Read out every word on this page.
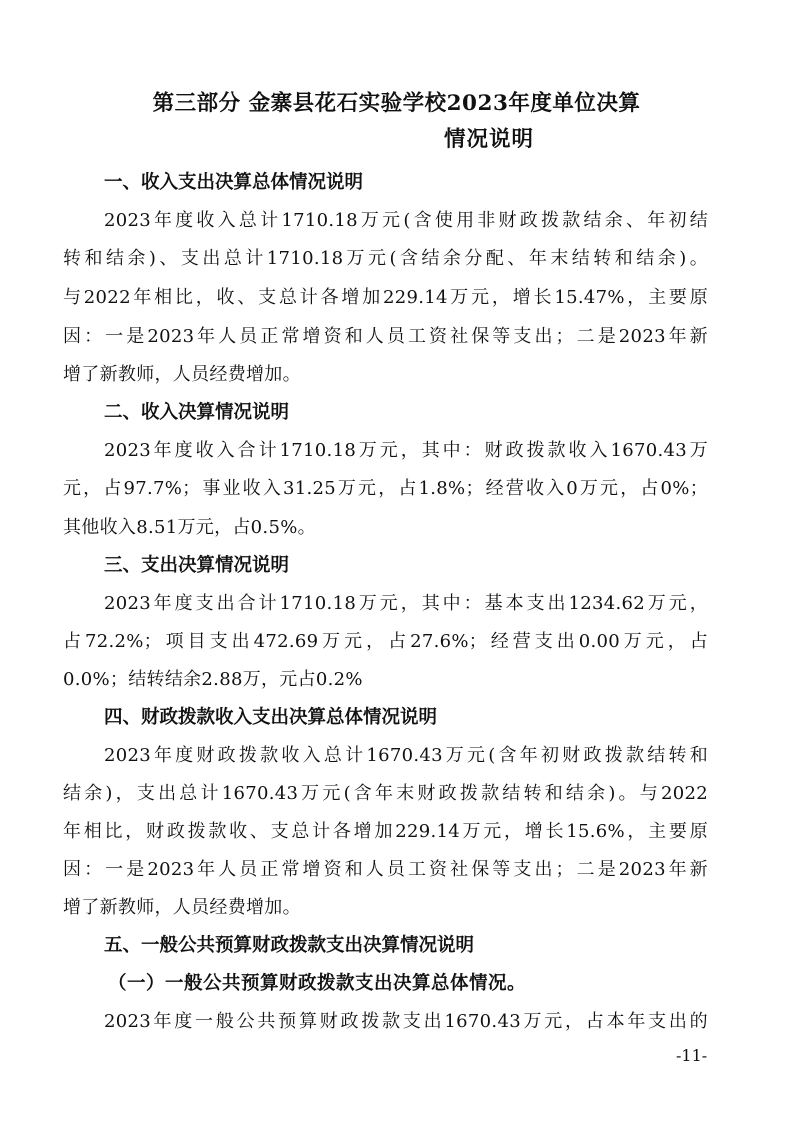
第三部分 金寨县花石实验学校2023年度单位决算
情况说明
一、收入支出决算总体情况说明
2023年度收入总计1710.18万元(含使用非财政拨款结余、年初结
转和结余)、支出总计1710.18万元(含结余分配、年末结转和结余)。
与2022年相比，收、支总计各增加229.14万元，增长15.47%，主要原
因：一是2023年人员正常增资和人员工资社保等支出；二是2023年新
增了新教师，人员经费增加。
二、收入决算情况说明
2023年度收入合计1710.18万元，其中：财政拨款收入1670.43万
元，占97.7%；事业收入31.25万元，占1.8%；经营收入0万元，占0%；
其他收入8.51万元，占0.5%。
三、支出决算情况说明
2023年度支出合计1710.18万元，其中：基本支出1234.62万元，
占72.2%；项目支出472.69万元，占27.6%；经营支出0.00万元，占
0.0%；结转结余2.88万，元占0.2%
四、财政拨款收入支出决算总体情况说明
2023年度财政拨款收入总计1670.43万元(含年初财政拨款结转和
结余)，支出总计1670.43万元(含年末财政拨款结转和结余)。与2022
年相比，财政拨款收、支总计各增加229.14万元，增长15.6%，主要原
因：一是2023年人员正常增资和人员工资社保等支出；二是2023年新
增了新教师，人员经费增加。
五、一般公共预算财政拨款支出决算情况说明
（一）一般公共预算财政拨款支出决算总体情况。
2023年度一般公共预算财政拨款支出1670.43万元，占本年支出的
-11-
